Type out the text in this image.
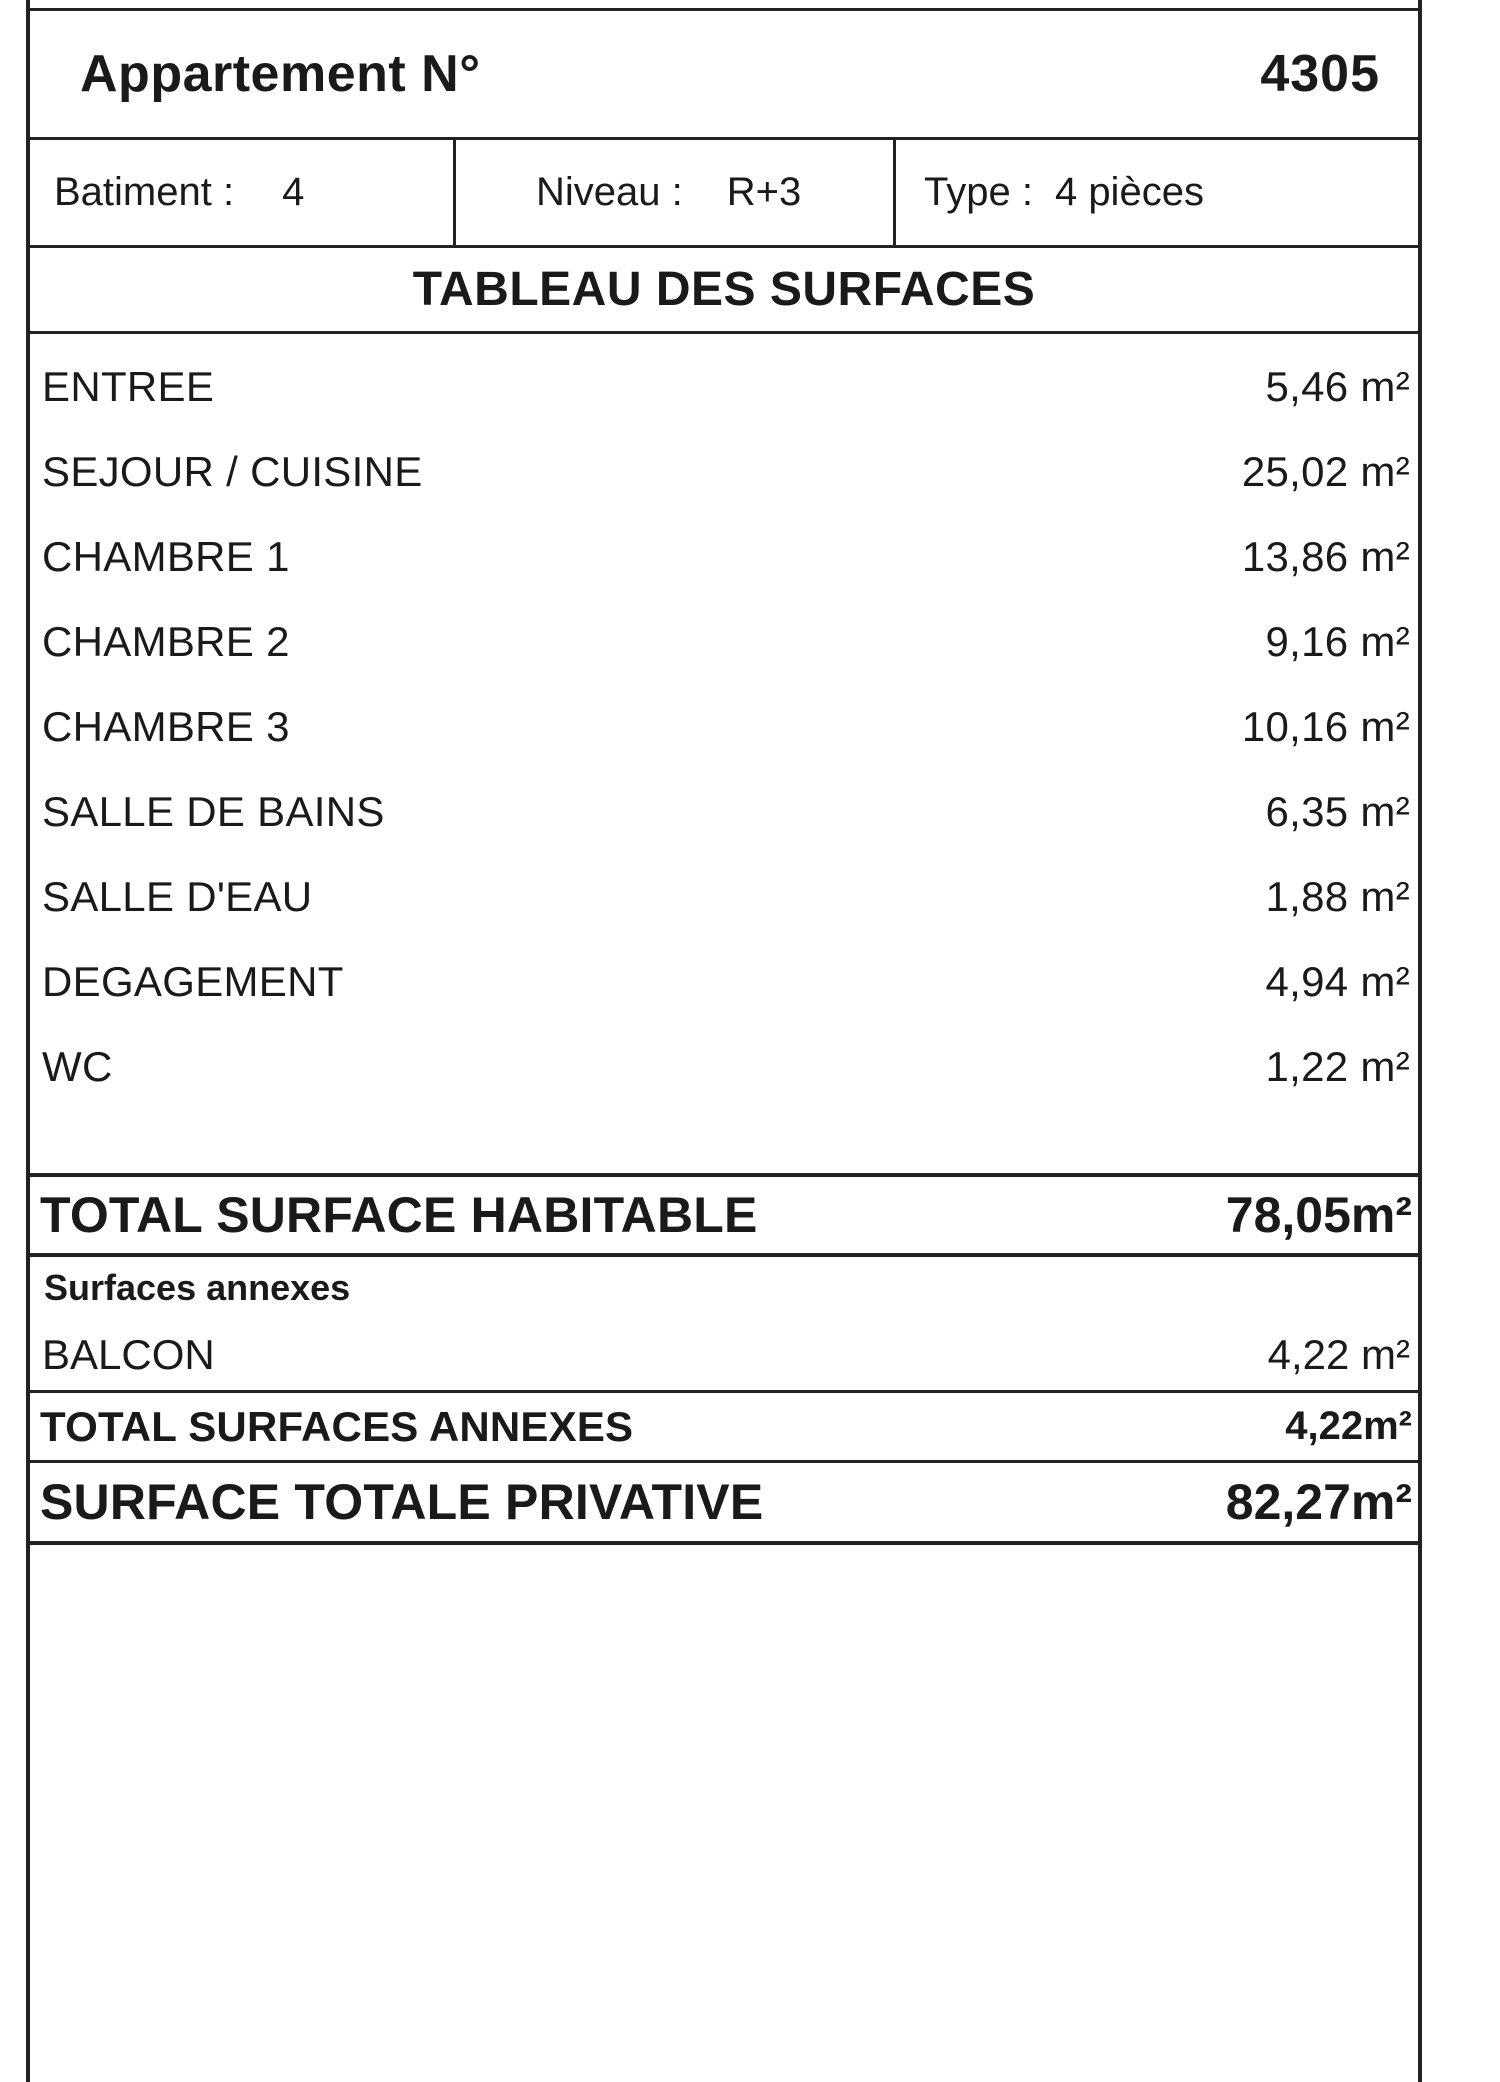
Appartement N°	4305
Batiment : 4	Niveau : R+3	Type : 4 pièces
TABLEAU DES SURFACES
ENTREE	5,46 m²
SEJOUR / CUISINE	25,02 m²
CHAMBRE 1	13,86 m²
CHAMBRE 2	9,16 m²
CHAMBRE 3	10,16 m²
SALLE DE BAINS	6,35 m²
SALLE D'EAU	1,88 m²
DEGAGEMENT	4,94 m²
WC	1,22 m²
TOTAL SURFACE HABITABLE	78,05m²
Surfaces annexes
BALCON	4,22 m²
TOTAL SURFACES ANNEXES	4,22m²
SURFACE TOTALE PRIVATIVE	82,27m²
